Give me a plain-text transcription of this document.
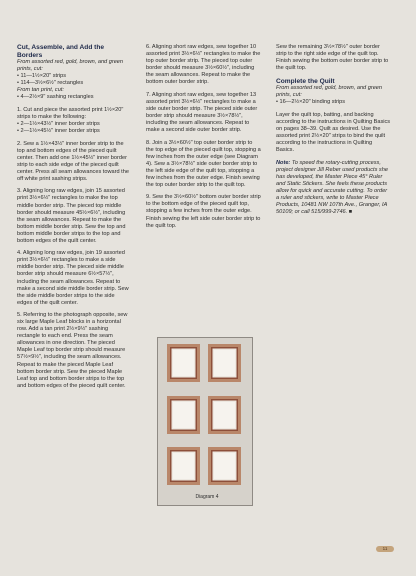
Cut, Assemble, and Add the Borders

From assorted red, gold, brown, and green prints, cut:

• 11—1½×20" strips
• 114—3½×6½" rectangles

From tan print, cut:

• 4—2½×9" sashing rectangles

1. Cut and piece the assorted print 1½×20" strips to make the following:

• 2—1½×43½" inner border strips
• 2—1½×45½" inner border strips

2. Sew a 1½×43½" inner border strip to the top and bottom edges of the pieced quilt center. Then add one 1½×45½" inner border strip to each side edge of the pieced quilt center. Press all seam allowances toward the off white print sashing strips.

3. Aligning long raw edges, join 15 assorted print 3½×6½" rectangles to make the top middle border strip. The pieced top middle border should measure 45½×6½", including the seam allowances. Repeat to make the bottom middle border strip. Sew the top and bottom middle border strips to the top and bottom edges of the quilt center.

4. Aligning long raw edges, join 19 assorted print 3½×6½" rectangles to make a side middle border strip. The pieced side middle border strip should measure 6½×57½", including the seam allowances. Repeat to make a second side middle border strip. Sew the side middle border strips to the side edges of the quilt center.

5. Referring to the photograph opposite, sew six large Maple Leaf blocks in a horizontal row. Add a tan print 2½×9½" sashing rectangle to each end. Press the seam allowances in one direction. The pieced Maple Leaf top border strip should measure 57½×9½", including the seam allowances. Repeat to make the pieced Maple Leaf bottom border strip. Sew the pieced Maple Leaf top and bottom border strips to the top and bottom edges of the pieced quilt center.

6. Aligning short raw edges, sew together 10 assorted print 3½×6½" rectangles to make the top outer border strip. The pieced top outer border should measure 3½×60½", including the seam allowances. Repeat to make the bottom outer border strip.

7. Aligning short raw edges, sew together 13 assorted print 3½×6½" rectangles to make a side outer border strip. The pieced side outer border strip should measure 3½×78½", including the seam allowances. Repeat to make a second side outer border strip.

8. Join a 3½×60½" top outer border strip to the top edge of the pieced quilt top, stopping a few inches from the outer edge (see Diagram 4). Sew a 3½×78½" side outer border strip to the left side edge of the quilt top, stopping a few inches from the outer edge. Finish sewing the top outer border strip to the quilt top.

9. Sew the 3½×60½" bottom outer border strip to the bottom edge of the pieced quilt top, stopping a few inches from the outer edge. Finish sewing the left side outer border strip to the quilt top.

Diagram 4

Sew the remaining 3½×78½" outer border strip to the right side edge of the quilt top. Finish sewing the bottom outer border strip to the quilt top.

Complete the Quilt

From assorted red, gold, brown, and green prints, cut:

• 16—2½×20" binding strips

Layer the quilt top, batting, and backing according to the instructions in Quilting Basics on pages 38–39. Quilt as desired. Use the assorted print 2½×20" strips to bind the quilt according to the instructions in Quilting Basics.

Note: To speed the rotary-cutting process, project designer Jill Reber used products she has developed, the Master Piece 45° Ruler and Static Stickers. She feels these products allow for quick and accurate cutting. To order a ruler and stickers, write to Master Piece Products, 10481 NW 107th Ave., Granger, IA 50109; or call 515/999-2746. ■

11
